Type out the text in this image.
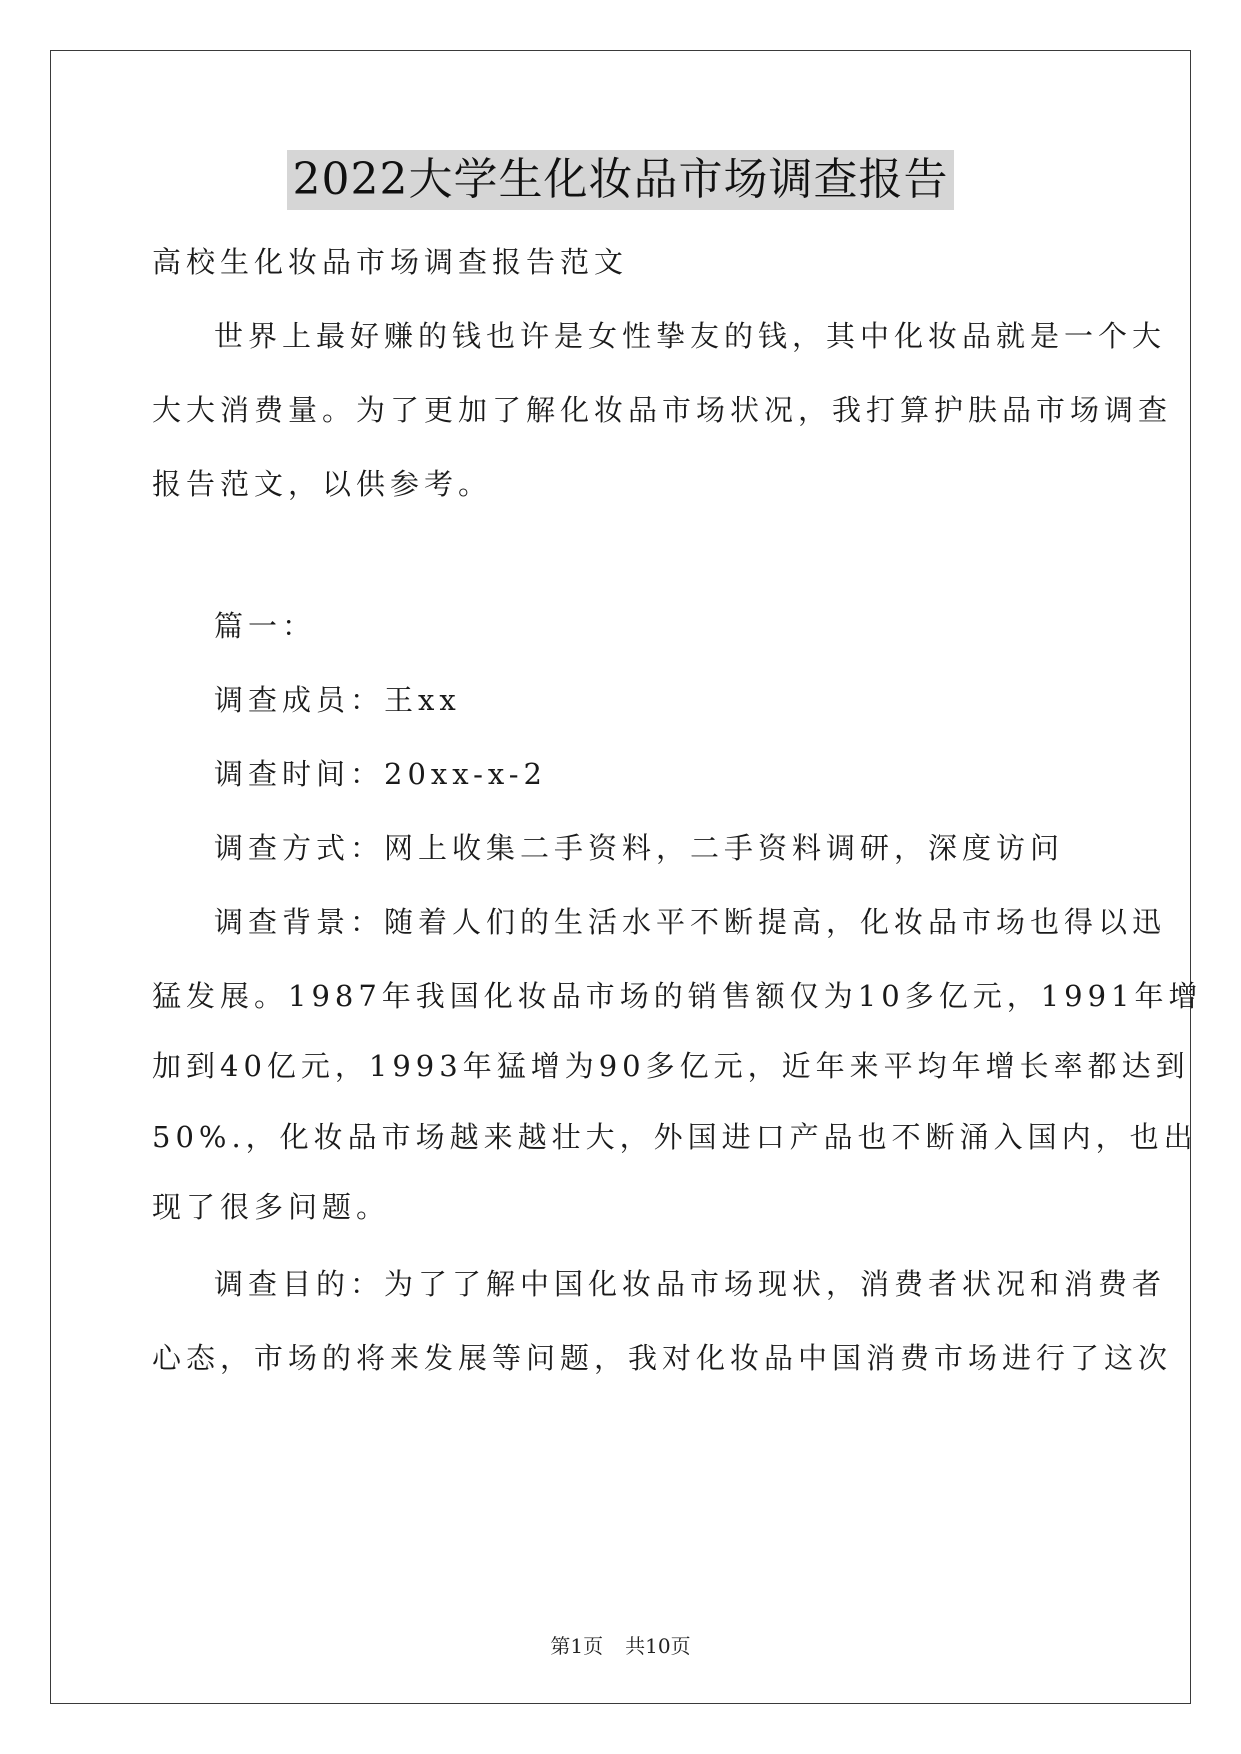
2022大学生化妆品市场调查报告
高校生化妆品市场调查报告范文
世界上最好赚的钱也许是女性挚友的钱，其中化妆品就是一个大
大大消费量。为了更加了解化妆品市场状况，我打算护肤品市场调查
报告范文，以供参考。
篇一：
调查成员：王xx
调查时间：20xx-x-2
调查方式：网上收集二手资料，二手资料调研，深度访问
调查背景：随着人们的生活水平不断提高，化妆品市场也得以迅
猛发展。1987年我国化妆品市场的销售额仅为10多亿元，1991年增
加到40亿元，1993年猛增为90多亿元，近年来平均年增长率都达到
50%.，化妆品市场越来越壮大，外国进口产品也不断涌入国内，也出
现了很多问题。
调查目的：为了了解中国化妆品市场现状，消费者状况和消费者
心态，市场的将来发展等问题，我对化妆品中国消费市场进行了这次
第1页 共10页
